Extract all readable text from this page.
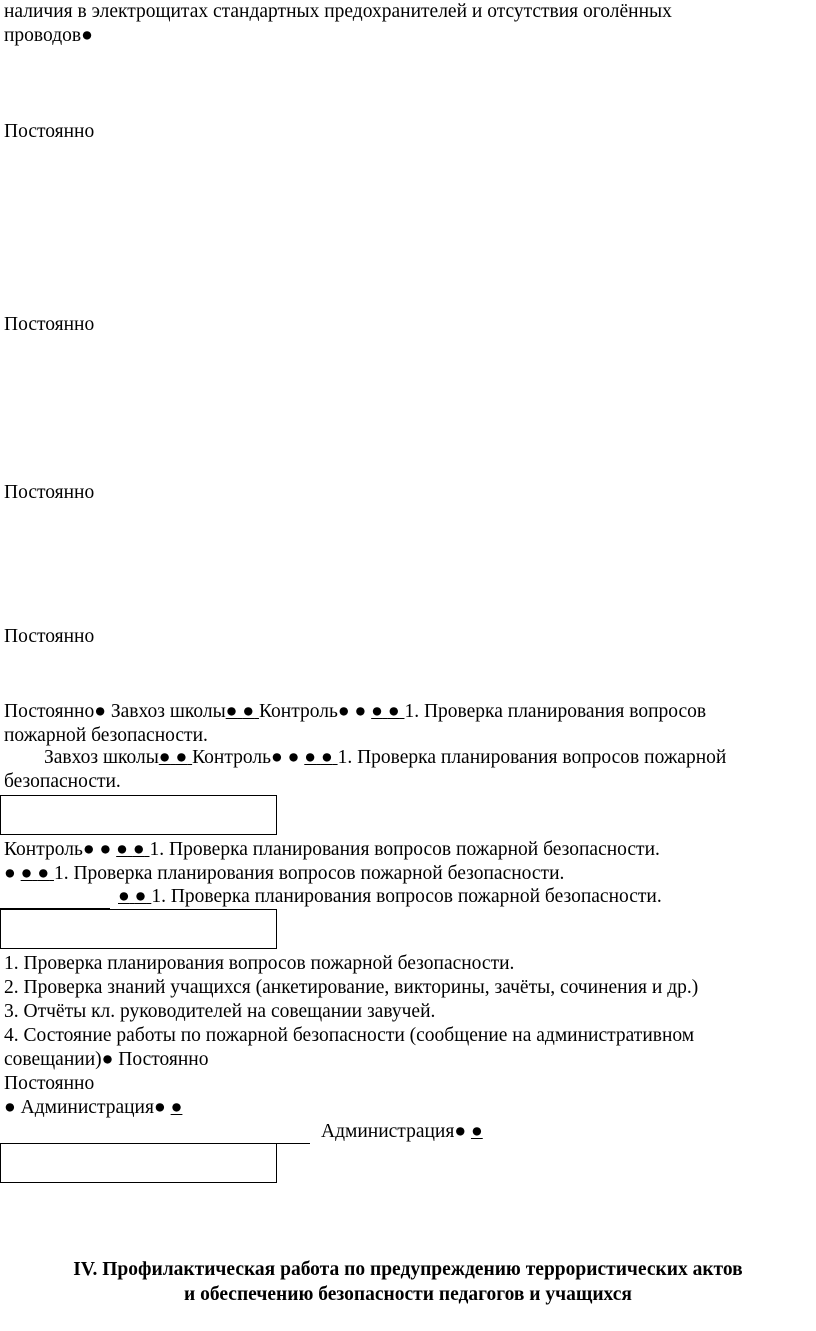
наличия в электрощитах стандартных предохранителей и отсутствия оголённых
проводов●
Постоянно
Постоянно
Постоянно
Постоянно
Постоянно● Завхоз школы● ● Контроль● ● ● ● 1. Проверка планирования вопросов
пожарной безопасности.
Завхоз школы● ● Контроль● ● ● ● 1. Проверка планирования вопросов пожарной
безопасности.
Контроль● ● ● ● 1. Проверка планирования вопросов пожарной безопасности.
● ● ● 1. Проверка планирования вопросов пожарной безопасности.
● ● 1. Проверка планирования вопросов пожарной безопасности.
1. Проверка планирования вопросов пожарной безопасности.
2. Проверка знаний учащихся (анкетирование, викторины, зачёты, сочинения и др.)
3. Отчёты кл. руководителей на совещании завучей.
4. Состояние работы по пожарной безопасности (сообщение на административном
совещании)● Постоянно
Постоянно
● Администрация● ●
Администрация● ●
IV. Профилактическая работа по предупреждению террористических актов
и обеспечению безопасности педагогов и учащихся
